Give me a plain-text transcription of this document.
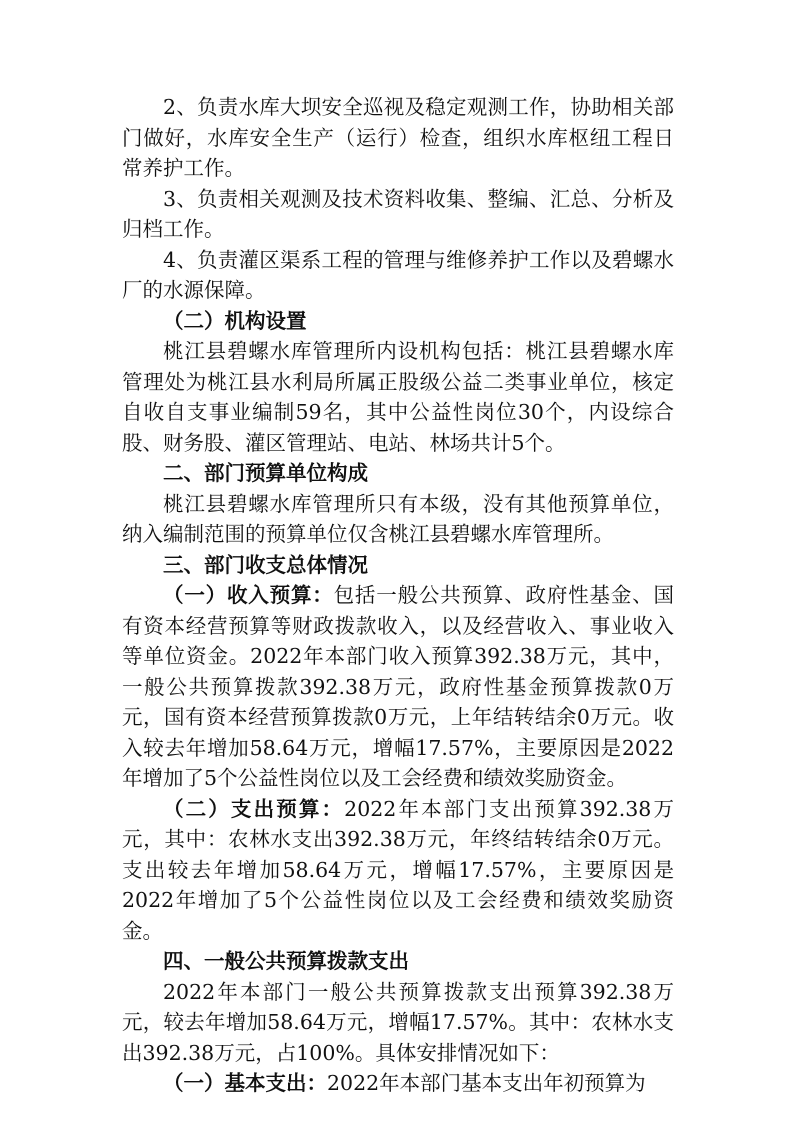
2、负责水库大坝安全巡视及稳定观测工作，协助相关部门做好，水库安全生产（运行）检查，组织水库枢纽工程日常养护工作。

3、负责相关观测及技术资料收集、整编、汇总、分析及归档工作。

4、负责灌区渠系工程的管理与维修养护工作以及碧螺水厂的水源保障。

（二）机构设置

桃江县碧螺水库管理所内设机构包括：桃江县碧螺水库管理处为桃江县水利局所属正股级公益二类事业单位，核定自收自支事业编制59名，其中公益性岗位30个，内设综合股、财务股、灌区管理站、电站、林场共计5个。

二、部门预算单位构成

桃江县碧螺水库管理所只有本级，没有其他预算单位，纳入编制范围的预算单位仅含桃江县碧螺水库管理所。

三、部门收支总体情况

（一）收入预算：包括一般公共预算、政府性基金、国有资本经营预算等财政拨款收入，以及经营收入、事业收入等单位资金。2022年本部门收入预算392.38万元，其中，一般公共预算拨款392.38万元，政府性基金预算拨款0万元，国有资本经营预算拨款0万元，上年结转结余0万元。收入较去年增加58.64万元，增幅17.57%，主要原因是2022年增加了5个公益性岗位以及工会经费和绩效奖励资金。

（二）支出预算：2022年本部门支出预算392.38万元，其中：农林水支出392.38万元，年终结转结余0万元。支出较去年增加58.64万元，增幅17.57%，主要原因是2022年增加了5个公益性岗位以及工会经费和绩效奖励资金。

四、一般公共预算拨款支出

2022年本部门一般公共预算拨款支出预算392.38万元，较去年增加58.64万元，增幅17.57%。其中：农林水支出392.38万元，占100%。具体安排情况如下：

（一）基本支出：2022年本部门基本支出年初预算为
